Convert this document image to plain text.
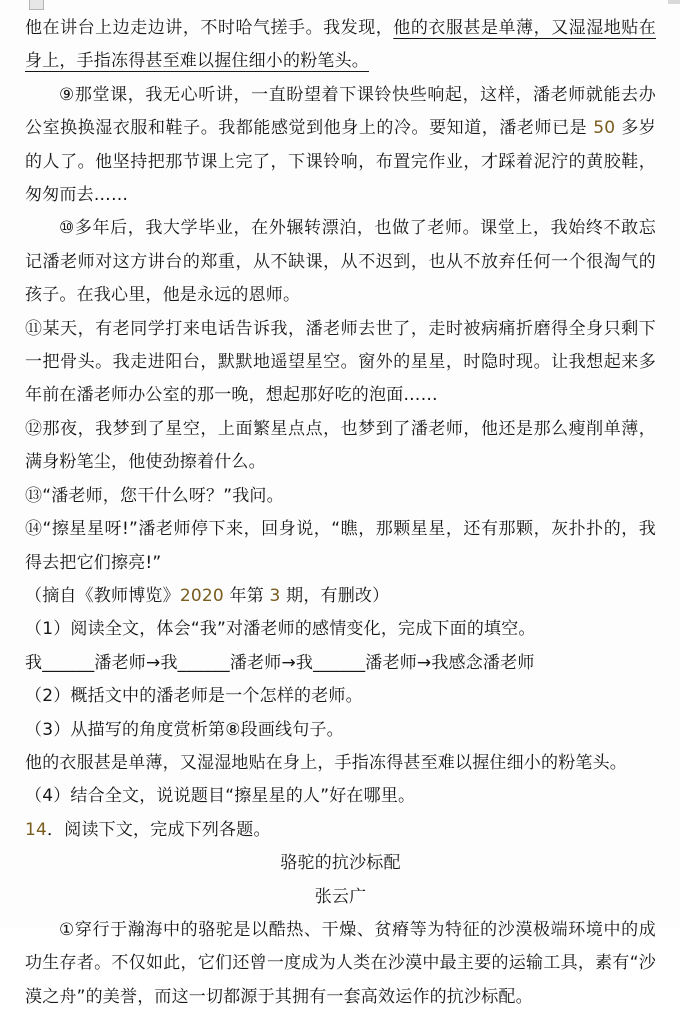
他在讲台上边走边讲，不时哈气搓手。我发现，他的衣服甚是单薄，又湿湿地贴在身上，手指冻得甚至难以握住细小的粉笔头。

⑨那堂课，我无心听讲，一直盼望着下课铃快些响起，这样，潘老师就能去办公室换换湿衣服和鞋子。我都能感觉到他身上的冷。要知道，潘老师已是 50 多岁的人了。他坚持把那节课上完了，下课铃响，布置完作业，才踩着泥泞的黄胶鞋，匆匆而去……

⑩多年后，我大学毕业，在外辗转漂泊，也做了老师。课堂上，我始终不敢忘记潘老师对这方讲台的郑重，从不缺课，从不迟到，也从不放弃任何一个很淘气的孩子。在我心里，他是永远的恩师。

⑪某天，有老同学打来电话告诉我，潘老师去世了，走时被病痛折磨得全身只剩下一把骨头。我走进阳台，默默地遥望星空。窗外的星星，时隐时现。让我想起来多年前在潘老师办公室的那一晚，想起那好吃的泡面……

⑫那夜，我梦到了星空，上面繁星点点，也梦到了潘老师，他还是那么瘦削单薄，满身粉笔尘，他使劲擦着什么。

⑬“潘老师，您干什么呀？”我问。

⑭“擦星星呀!”潘老师停下来，回身说，“瞧，那颗星星，还有那颗，灰扑扑的，我得去把它们擦亮!”

（摘自《教师博览》2020 年第 3 期，有删改）

（1）阅读全文，体会“我”对潘老师的感情变化，完成下面的填空。

我______潘老师→我______潘老师→我______潘老师→我感念潘老师

（2）概括文中的潘老师是一个怎样的老师。

（3）从描写的角度赏析第⑧段画线句子。

他的衣服甚是单薄，又湿湿地贴在身上，手指冻得甚至难以握住细小的粉笔头。

（4）结合全文，说说题目“擦星星的人”好在哪里。

14．阅读下文，完成下列各题。

骆驼的抗沙标配

张云广

①穿行于瀚海中的骆驼是以酷热、干燥、贫瘠等为特征的沙漠极端环境中的成功生存者。不仅如此，它们还曾一度成为人类在沙漠中最主要的运输工具，素有“沙漠之舟”的美誉，而这一切都源于其拥有一套高效运作的抗沙标配。
